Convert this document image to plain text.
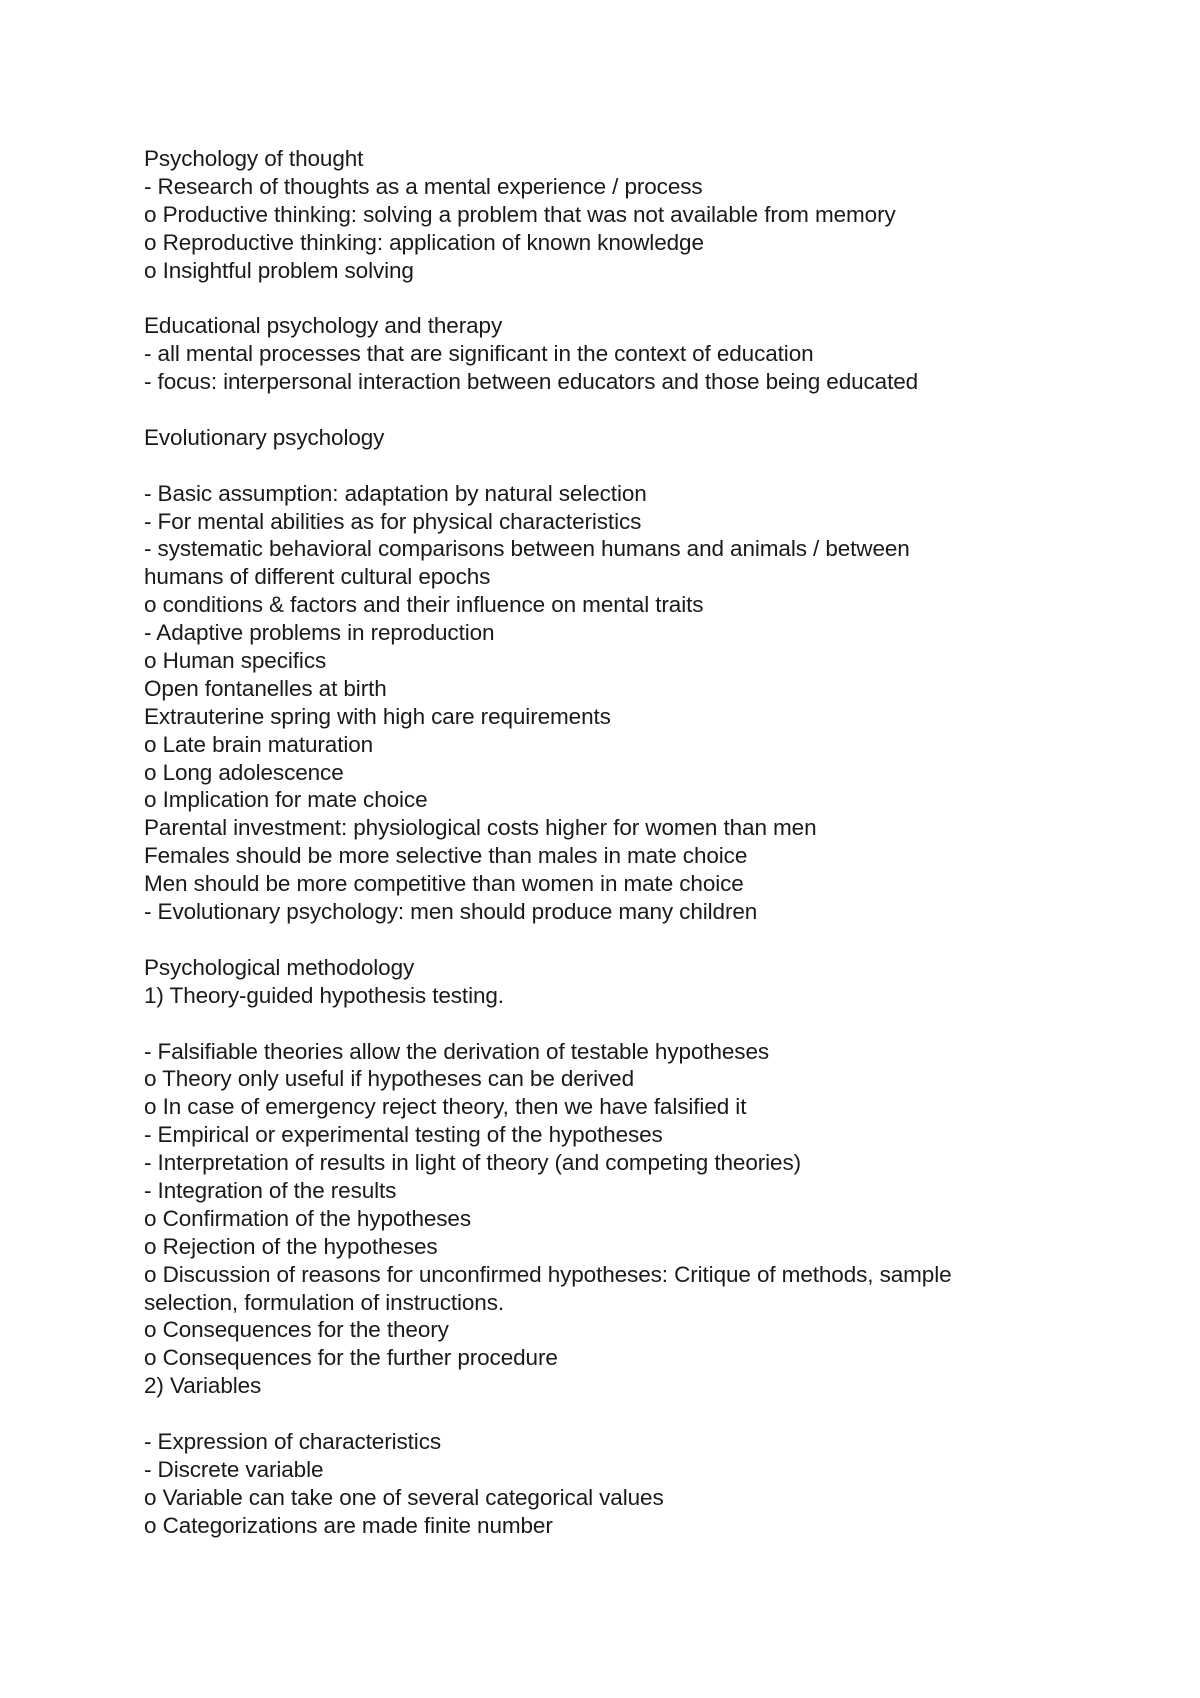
Psychology of thought
- Research of thoughts as a mental experience / process
o Productive thinking: solving a problem that was not available from memory
o Reproductive thinking: application of known knowledge
o Insightful problem solving
Educational psychology and therapy
- all mental processes that are significant in the context of education
- focus: interpersonal interaction between educators and those being educated
Evolutionary psychology
- Basic assumption: adaptation by natural selection
- For mental abilities as for physical characteristics
- systematic behavioral comparisons between humans and animals / between
humans of different cultural epochs
o conditions & factors and their influence on mental traits
- Adaptive problems in reproduction
o Human specifics
Open fontanelles at birth
Extrauterine spring with high care requirements
o Late brain maturation
o Long adolescence
o Implication for mate choice
Parental investment: physiological costs higher for women than men
Females should be more selective than males in mate choice
Men should be more competitive than women in mate choice
- Evolutionary psychology: men should produce many children
Psychological methodology
1) Theory-guided hypothesis testing.
- Falsifiable theories allow the derivation of testable hypotheses
o Theory only useful if hypotheses can be derived
o In case of emergency reject theory, then we have falsified it
- Empirical or experimental testing of the hypotheses
- Interpretation of results in light of theory (and competing theories)
- Integration of the results
o Confirmation of the hypotheses
o Rejection of the hypotheses
o Discussion of reasons for unconfirmed hypotheses: Critique of methods, sample
selection, formulation of instructions.
o Consequences for the theory
o Consequences for the further procedure
2) Variables
- Expression of characteristics
- Discrete variable
o Variable can take one of several categorical values
o Categorizations are made finite number
